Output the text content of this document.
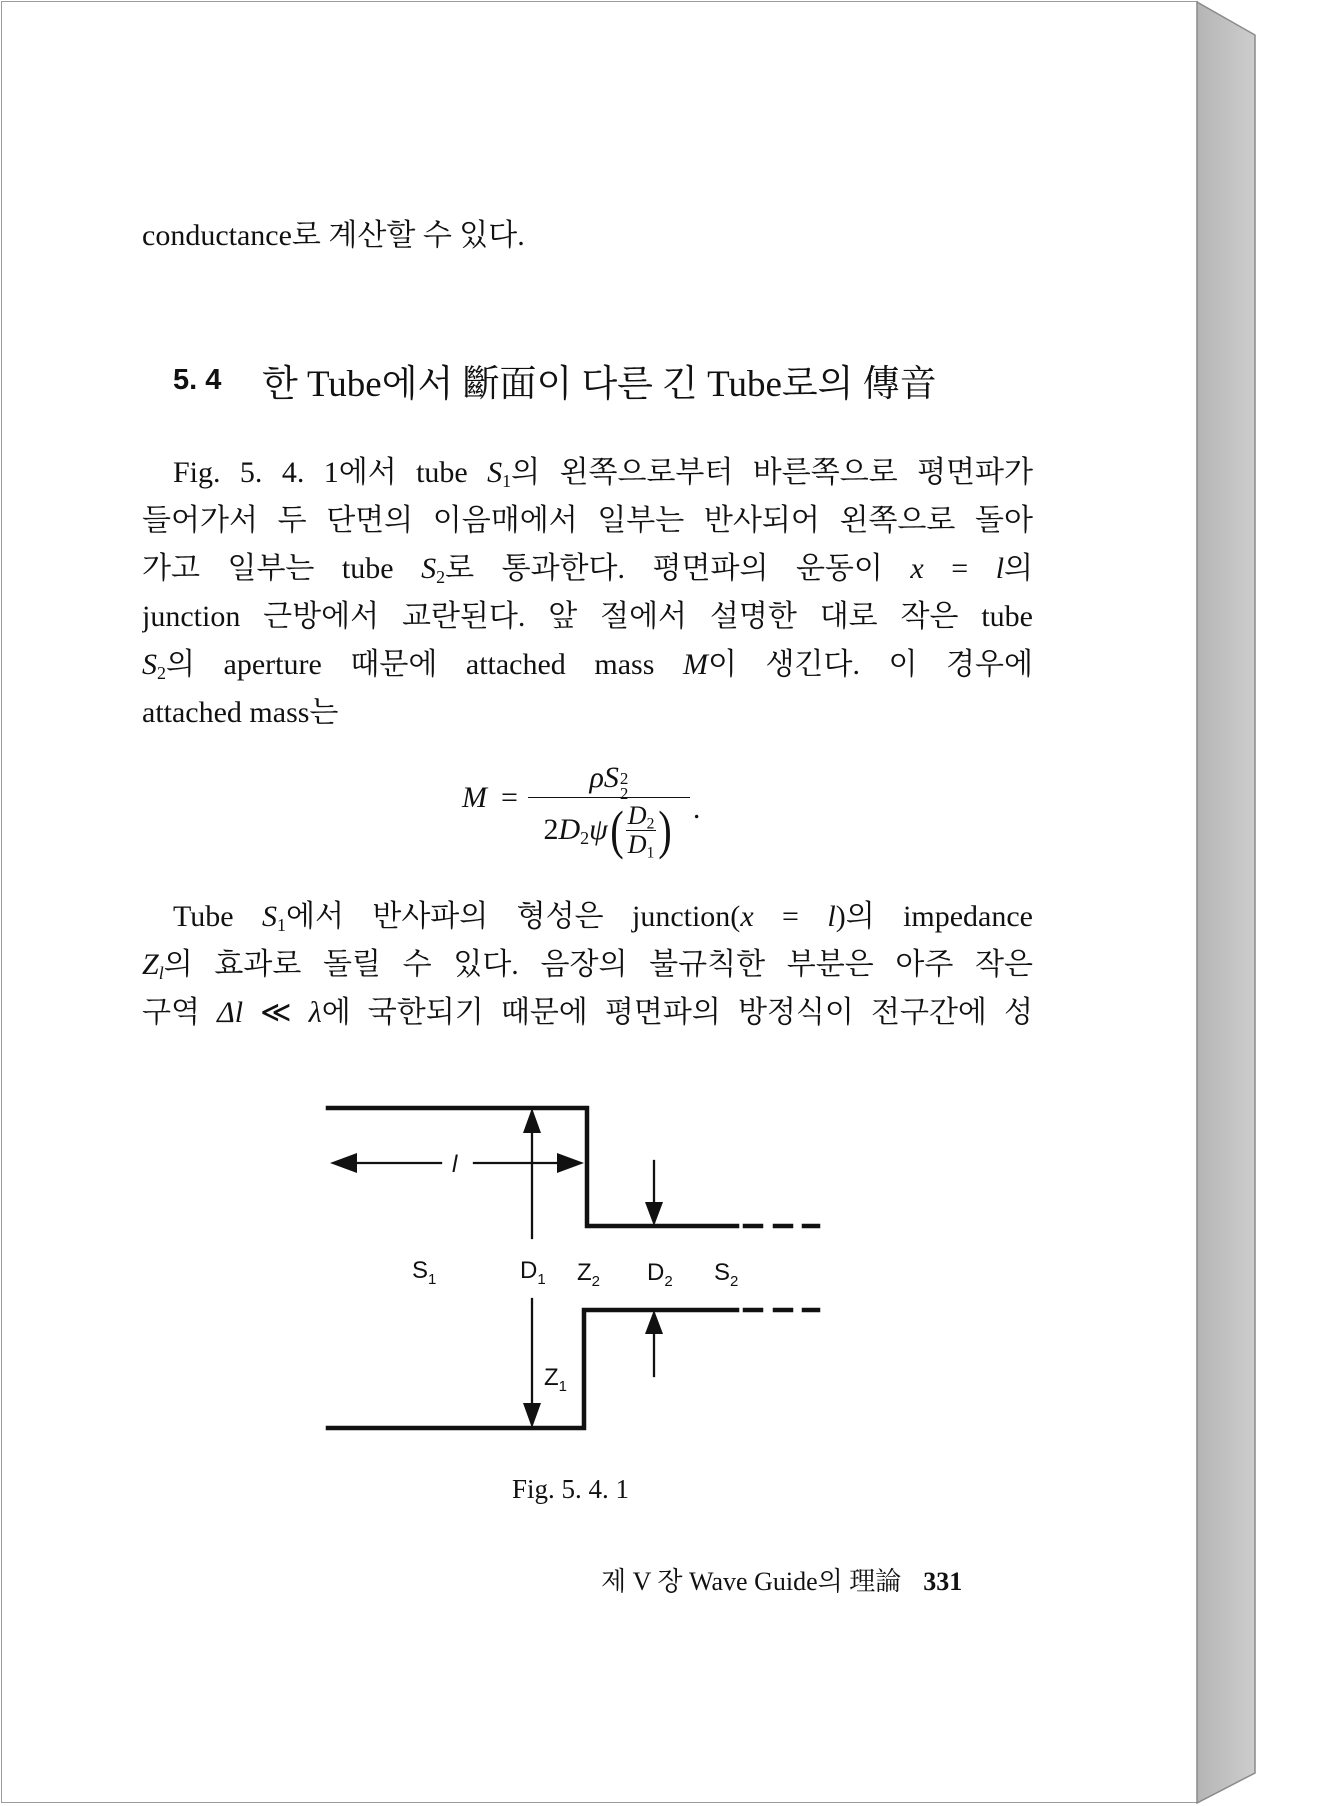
conductance로 계산할 수 있다.
5. 4	한 Tube에서 斷面이 다른 긴 Tube로의 傳音
Fig. 5. 4. 1에서 tube $S_1$의 왼쪽으로부터 바른쪽으로 평면파가
들어가서 두 단면의 이음매에서 일부는 반사되어 왼쪽으로 돌아
가고 일부는 tube $S_2$로 통과한다. 평면파의 운동이 x = l의
junction 근방에서 교란된다. 앞 절에서 설명한 대로 작은 tube
$S_2$의 aperture 때문에 attached mass M이 생긴다. 이 경우에
attached mass는
M = ρS 2
2
$2D_2\psi$ ( $\frac{D_2}{D_1}$ ) .
Tube $S_1$에서 반사파의 형성은 junction(x = l)의 impedance
$Z_l$의 효과로 돌릴 수 있다. 음장의 불규칙한 부분은 아주 작은
구역 Δl ≪ λ에 국한되기 때문에 평면파의 방정식이 전구간에 성
l
$S_1$	$D_1$ $Z_2$ $D_2$ $S_2$
$Z_1$
Fig. 5. 4. 1
제 V 장 Wave Guide의 理論 331
